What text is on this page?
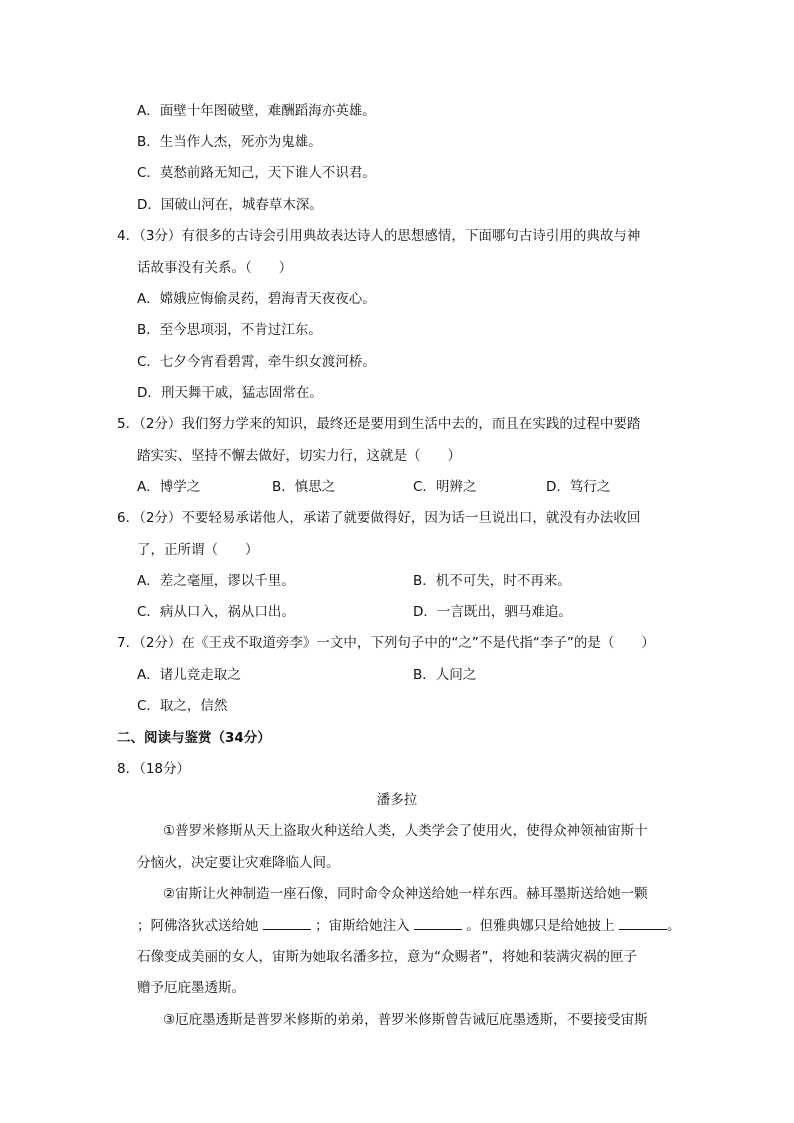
A．面壁十年图破壁，难酬蹈海亦英雄。
B．生当作人杰，死亦为鬼雄。
C．莫愁前路无知己，天下谁人不识君。
D．国破山河在，城春草木深。
4．（3分）有很多的古诗会引用典故表达诗人的思想感情，下面哪句古诗引用的典故与神
话故事没有关系。（　　）
A．嫦娥应悔偷灵药，碧海青天夜夜心。
B．至今思项羽，不肯过江东。
C．七夕今宵看碧霄，牵牛织女渡河桥。
D．刑天舞干戚，猛志固常在。
5．（2分）我们努力学来的知识，最终还是要用到生活中去的，而且在实践的过程中要踏
踏实实、坚持不懈去做好，切实力行，这就是（　　）
A．博学之	B．慎思之	C．明辨之	D．笃行之
6．（2分）不要轻易承诺他人，承诺了就要做得好，因为话一旦说出口，就没有办法收回
了，正所谓（　　）
A．差之毫厘，谬以千里。	B．机不可失，时不再来。
C．病从口入，祸从口出。	D．一言既出，驷马难追。
7．（2分）在《王戎不取道旁李》一文中，下列句子中的“之”不是代指“李子”的是（　　）
A．诸儿竞走取之	B．人问之
C．取之，信然
二、阅读与鉴赏（34分）
8．（18分）
潘多拉
①普罗米修斯从天上盗取火种送给人类，人类学会了使用火，使得众神领袖宙斯十
分恼火，决定要让灾难降临人间。
②宙斯让火神制造一座石像，同时命令众神送给她一样东西。赫耳墨斯送给她一颗
；阿佛洛狄忒送给她	；宙斯给她注入	。但雅典娜只是给她披上	。
石像变成美丽的女人，宙斯为她取名潘多拉，意为“众赐者”，将她和装满灾祸的匣子
赠予厄庇墨透斯。
③厄庇墨透斯是普罗米修斯的弟弟，普罗米修斯曾告诫厄庇墨透斯，不要接受宙斯
